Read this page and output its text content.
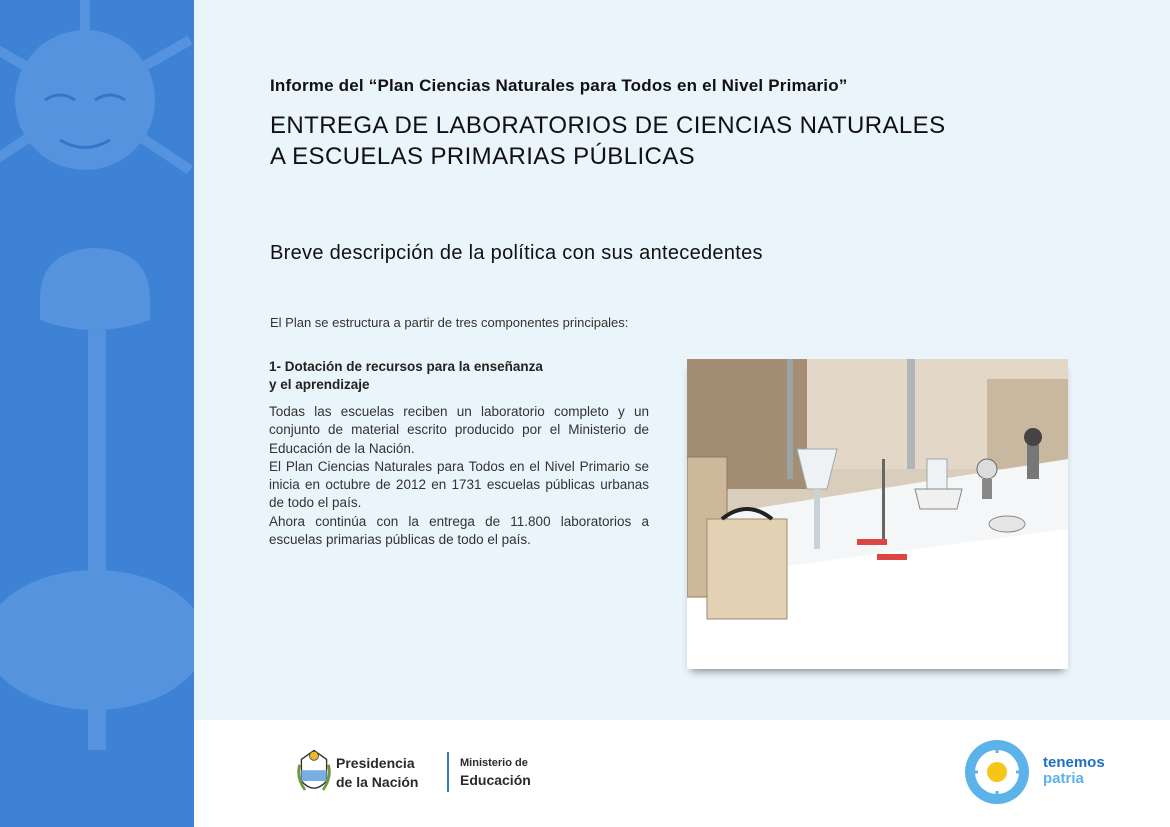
Informe del “Plan Ciencias Naturales para Todos en el Nivel Primario”
ENTREGA DE LABORATORIOS DE CIENCIAS NATURALES
A ESCUELAS PRIMARIAS PÚBLICAS
Breve descripción de la política con sus antecedentes

El Plan se estructura a partir de tres componentes principales:

1- Dotación de recursos para la enseñanza
y el aprendizaje

Todas las escuelas reciben un laboratorio completo y un conjunto de material escrito producido por el Ministerio de Educación de la Nación.

El Plan Ciencias Naturales para Todos en el Nivel Primario se inicia en octubre de 2012 en 1731 escuelas públicas urbanas de todo el país.

Ahora continúa con la entrega de 11.800 laboratorios a escuelas primarias públicas de todo el país.

Presidencia
de la Nación
Ministerio de
Educación
tenemos
patria
